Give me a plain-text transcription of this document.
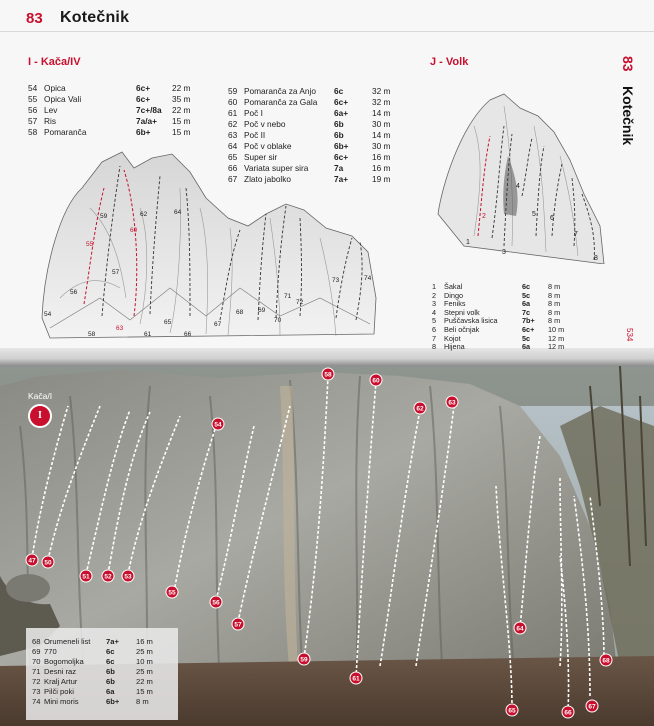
83 Kotečnik
83
Kotečnik
534
I - Kača/IV
54	Opica	6c+	22 m
55	Opica Vali	6c+	35 m
56	Lev	7c+/8a	22 m
57	Ris	7a/a+	15 m
58	Pomaranča	6b+	15 m
59	Pomaranča za Anjo	6c	32 m
60	Pomaranča za Gala	6c+	32 m
61	Poč I	6a+	14 m
62	Poč v nebo	6b	30 m
63	Poč II	6b	14 m
64	Poč v oblake	6b+	30 m
65	Super sir	6c+	16 m
66	Variata super sira	7a	16 m
67	Zlato jabolko	7a+	19 m
54
55
56
57
58
59
60
61
62
63
64
65
66
67
68 69
70
71
72
73	74
J - Volk
1
2
3
4
5
6
7
8
1	Šakal	6c	8 m
2	Dingo	5c	8 m
3	Feniks	6a	8 m
4	Stepni volk	7c	8 m
5	Puščavska lisica	7b+	8 m
6	Beli očnjak	6c+	10 m
7	Kojot	5c	12 m
8	Hijena	6a	12 m
47 50
51 52 53
54
55
56
57
58
59
60
61
62
63
64
65	66
67
68
Kača/I
I
68	Orumeneli list	7a+	16 m
69	770	6c	25 m
70	Bogomoljka	6c	10 m
71	Desni raz	6b	25 m
72	Kralj Artur	6b	22 m
73	Pilči poki	6a	15 m
74	Mini moris	6b+	8 m
